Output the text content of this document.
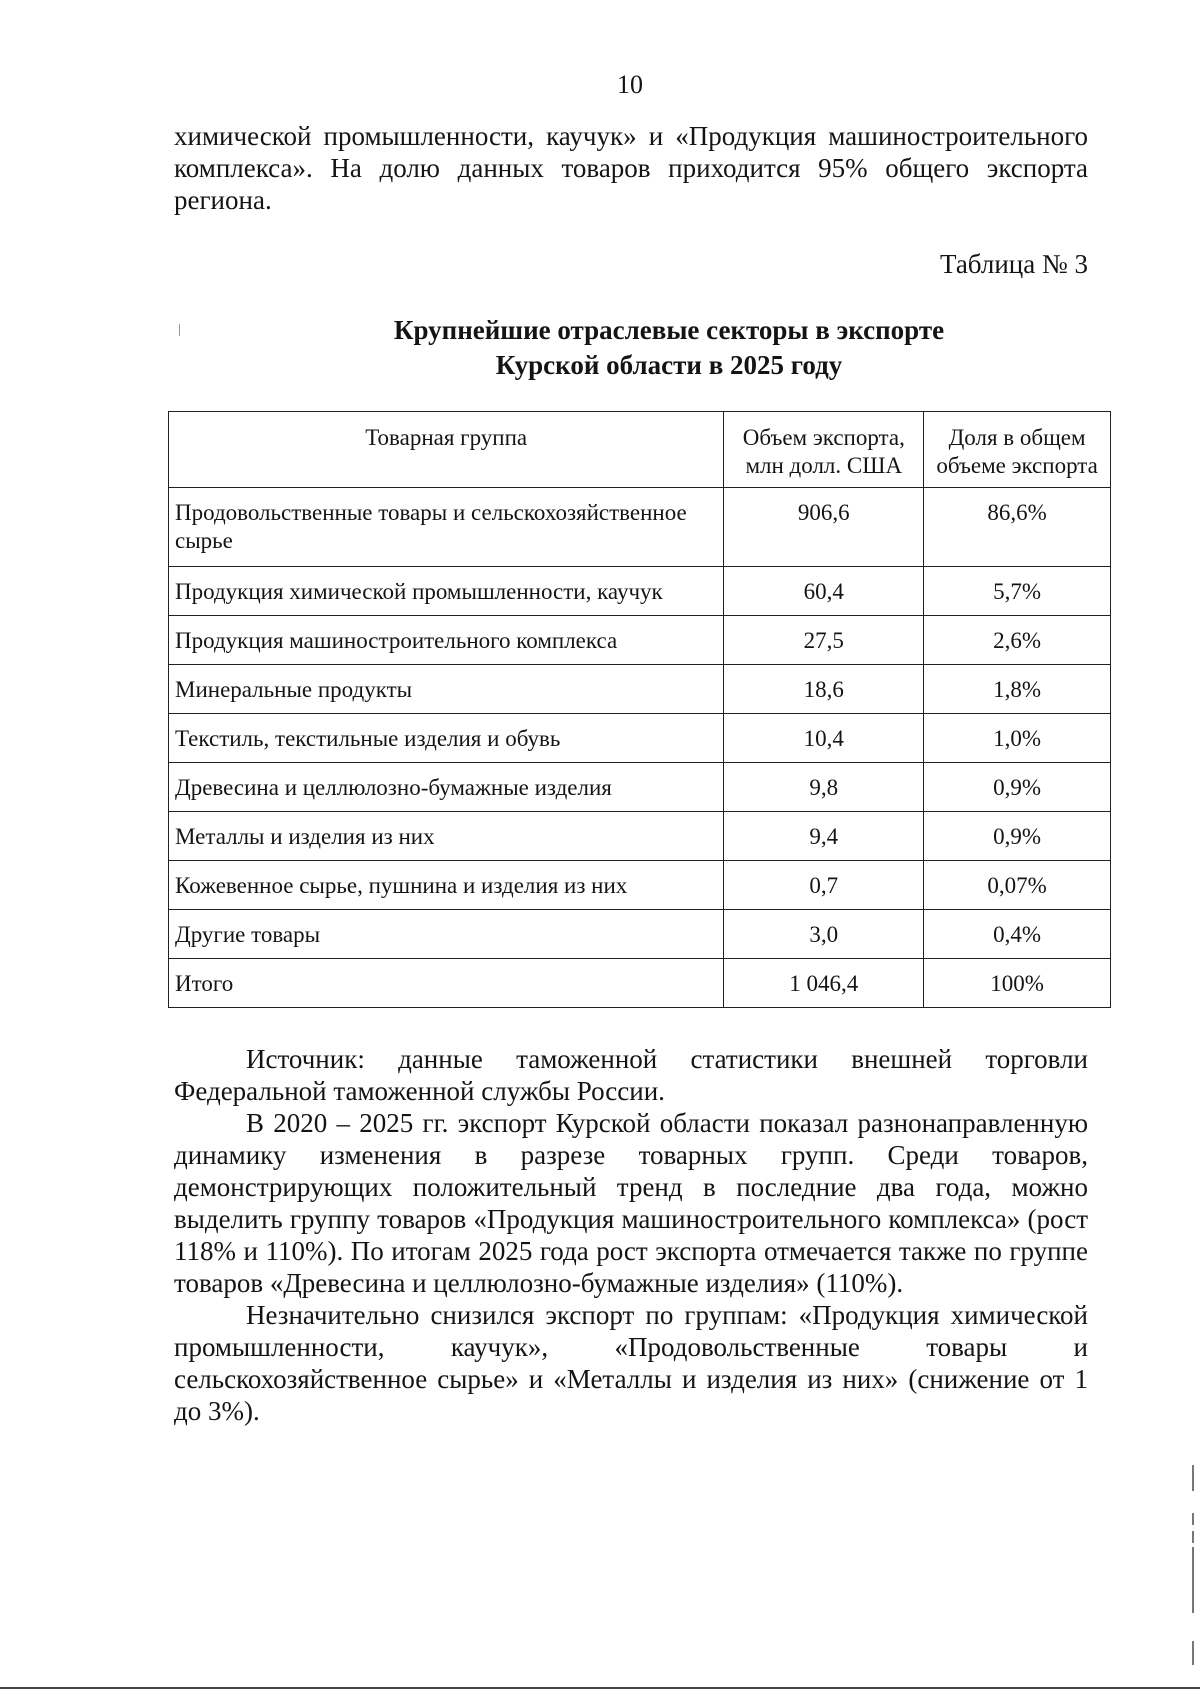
10

химической промышленности, каучук» и «Продукция машиностроительного комплекса». На долю данных товаров приходится 95% общего экспорта региона.

Таблица № 3
Крупнейшие отраслевые секторы в экспорте
Курской области в 2025 году
Товарная группа	Объем экспорта, млн долл. США	Доля в общем объеме экспорта
Продовольственные товары и сельскохозяйственное сырье	906,6	86,6%
Продукция химической промышленности, каучук	60,4	5,7%
Продукция машиностроительного комплекса	27,5	2,6%
Минеральные продукты	18,6	1,8%
Текстиль, текстильные изделия и обувь	10,4	1,0%
Древесина и целлюлозно-бумажные изделия	9,8	0,9%
Металлы и изделия из них	9,4	0,9%
Кожевенное сырье, пушнина и изделия из них	0,7	0,07%
Другие товары	3,0	0,4%
Итого	1 046,4	100%
Источник: данные таможенной статистики внешней торговли Федеральной таможенной службы России.
В 2020 – 2025 гг. экспорт Курской области показал разнонаправленную динамику изменения в разрезе товарных групп. Среди товаров, демонстрирующих положительный тренд в последние два года, можно выделить группу товаров «Продукция машиностроительного комплекса» (рост 118% и 110%). По итогам 2025 года рост экспорта отмечается также по группе товаров «Древесина и целлюлозно-бумажные изделия» (110%).
Незначительно снизился экспорт по группам: «Продукция химической промышленности, каучук», «Продовольственные товары и сельскохозяйственное сырье» и «Металлы и изделия из них» (снижение от 1 до 3%).
